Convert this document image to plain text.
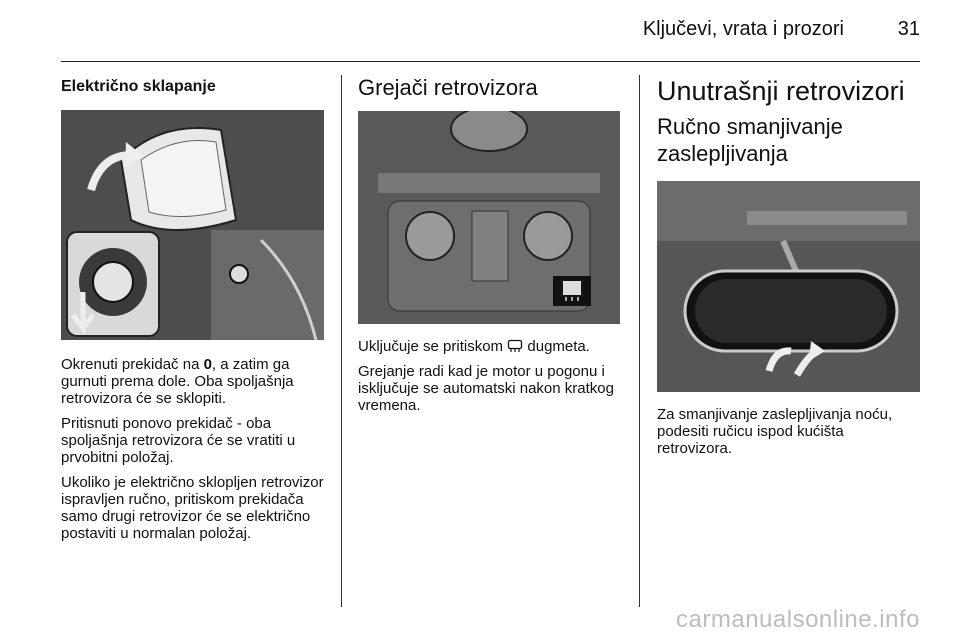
Ključevi, vrata i prozori	31
Električno sklapanje

Okrenuti prekidač na 0, a zatim ga gurnuti prema dole. Oba spoljašnja retrovizora će se sklopiti.

Pritisnuti ponovo prekidač - oba spoljašnja retrovizora će se vratiti u prvobitni položaj.

Ukoliko je električno sklopljen retrovizor ispravljen ručno, pritiskom prekidača samo drugi retrovizor će se električno postaviti u normalan položaj.

Grejači retrovizora

Uključuje se pritiskom  dugmeta.

Grejanje radi kad je motor u pogonu i isključuje se automatski nakon kratkog vremena.

Unutrašnji retrovizori
Ručno smanjivanje zaslepljivanja

Za smanjivanje zaslepljivanja noću, podesiti ručicu ispod kućišta retrovizora.

carmanualsonline.info
